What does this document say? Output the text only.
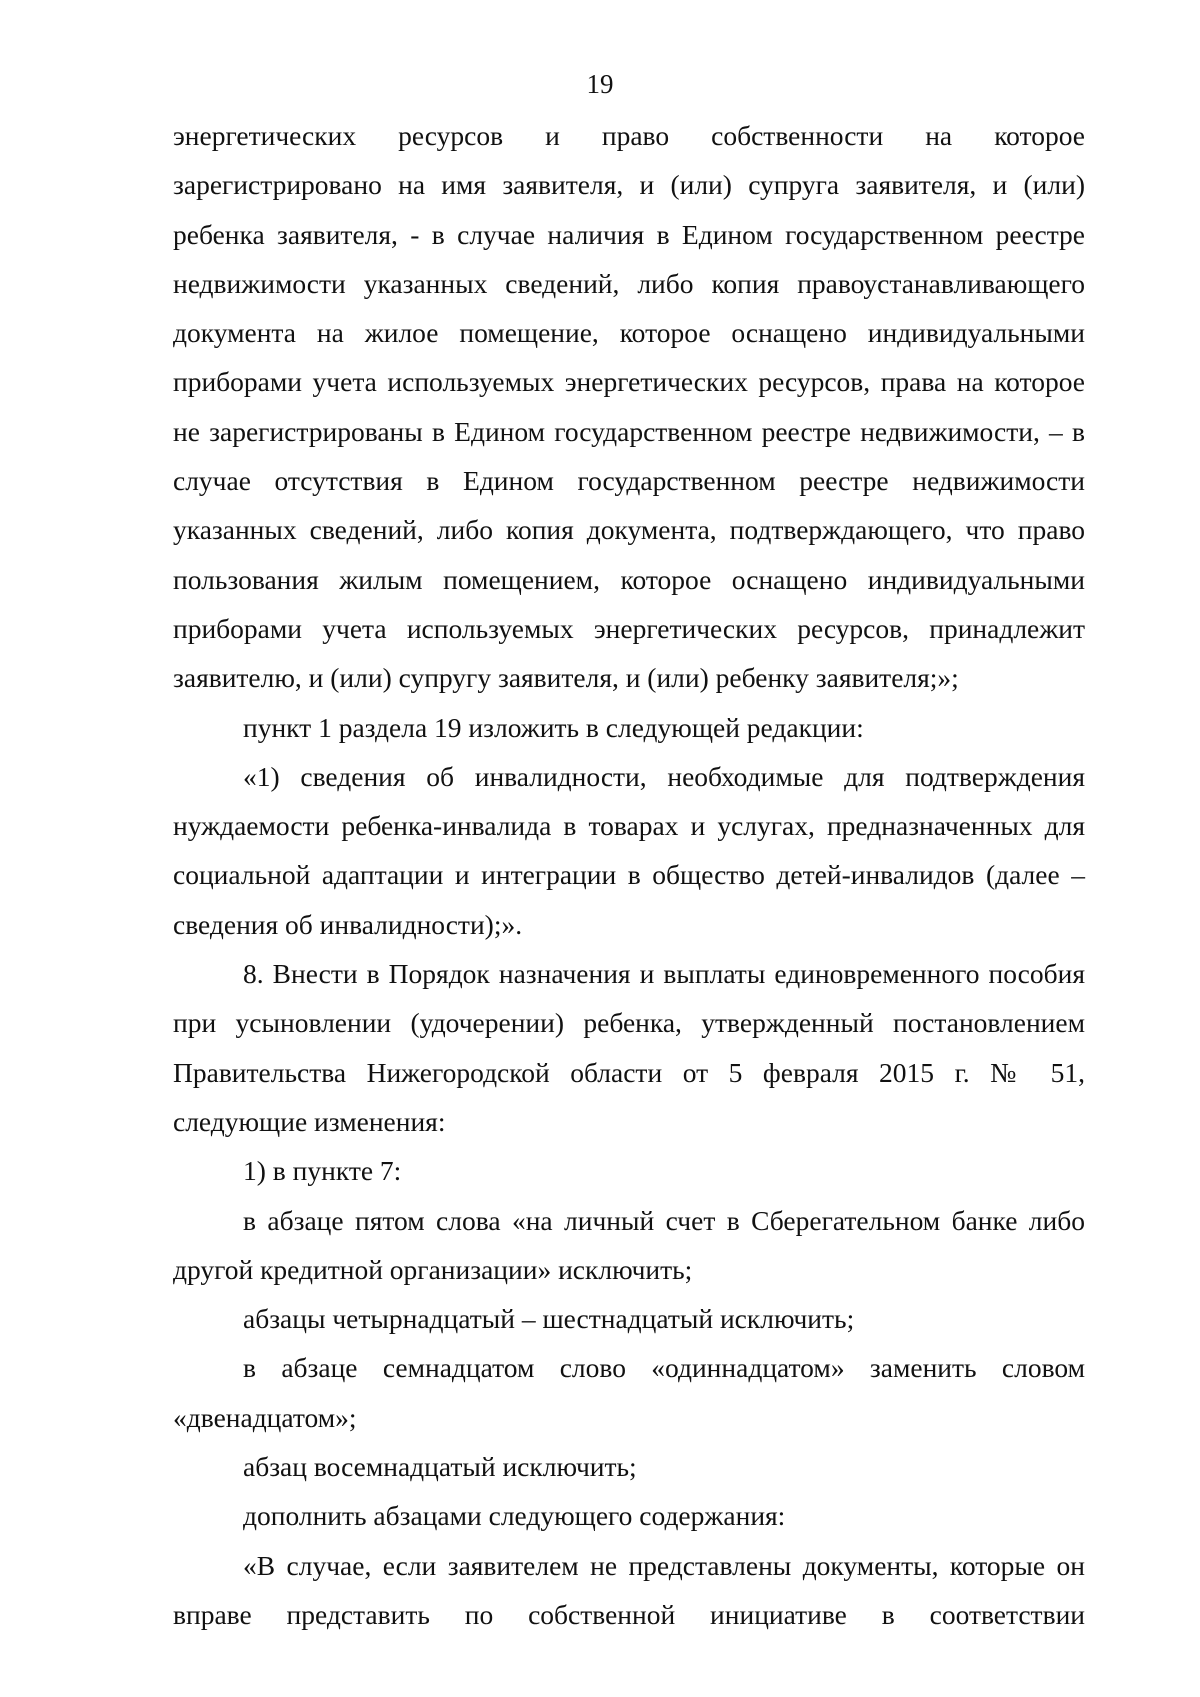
19

энергетических ресурсов и право собственности на которое зарегистрировано на имя заявителя, и (или) супруга заявителя, и (или) ребенка заявителя, - в случае наличия в Едином государственном реестре недвижимости указанных сведений, либо копия правоустанавливающего документа на жилое помещение, которое оснащено индивидуальными приборами учета используемых энергетических ресурсов, права на которое не зарегистрированы в Едином государственном реестре недвижимости, – в случае отсутствия в Едином государственном реестре недвижимости указанных сведений, либо копия документа, подтверждающего, что право пользования жилым помещением, которое оснащено индивидуальными приборами учета используемых энергетических ресурсов, принадлежит заявителю, и (или) супругу заявителя, и (или) ребенку заявителя;»;

пункт 1 раздела 19 изложить в следующей редакции:

«1) сведения об инвалидности, необходимые для подтверждения нуждаемости ребенка-инвалида в товарах и услугах, предназначенных для социальной адаптации и интеграции в общество детей-инвалидов (далее – сведения об инвалидности);».

8. Внести в Порядок назначения и выплаты единовременного пособия при усыновлении (удочерении) ребенка, утвержденный постановлением Правительства Нижегородской области от 5 февраля 2015 г. № 51, следующие изменения:

1) в пункте 7:

в абзаце пятом слова «на личный счет в Сберегательном банке либо другой кредитной организации» исключить;

абзацы четырнадцатый – шестнадцатый исключить;

в абзаце семнадцатом слово «одиннадцатом» заменить словом «двенадцатом»;

абзац восемнадцатый исключить;

дополнить абзацами следующего содержания:

«В случае, если заявителем не представлены документы, которые он вправе представить по собственной инициативе в соответствии
